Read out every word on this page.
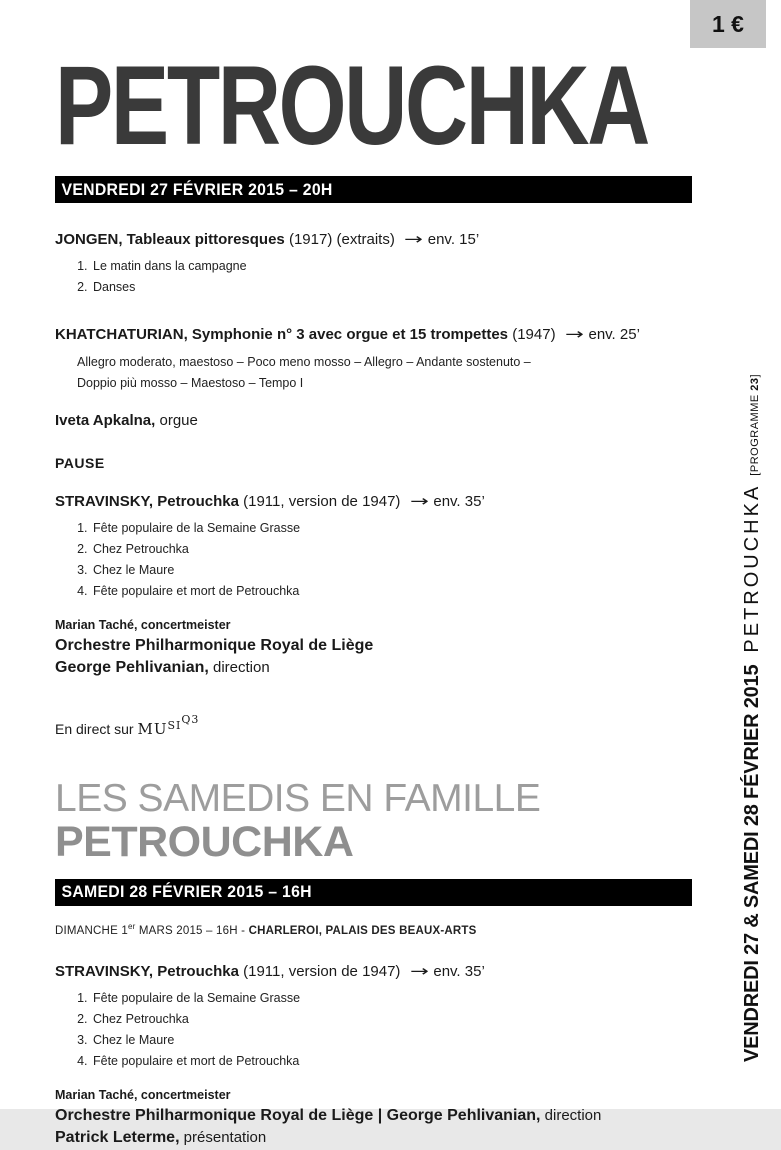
1 €
PETROUCHKA
VENDREDI 27 FÉVRIER 2015 – 20H

JONGEN, Tableaux pittoresques (1917) (extraits) → env. 15’

1. Le matin dans la campagne
2. Danses

KHATCHATURIAN, Symphonie n° 3 avec orgue et 15 trompettes (1947) → env. 25’

Allegro moderato, maestoso – Poco meno mosso – Allegro – Andante sostenuto –

Doppio più mosso – Maestoso – Tempo I

Iveta Apkalna, orgue

PAUSE

STRAVINSKY, Petrouchka (1911, version de 1947) → env. 35’

1. Fête populaire de la Semaine Grasse
2. Chez Petrouchka
3. Chez le Maure
4. Fête populaire et mort de Petrouchka

Marian Taché, concertmeister

Orchestre Philharmonique Royal de Liège

George Pehlivanian, direction

En direct sur $MU^{SIQ3}$

LES SAMEDIS EN FAMILLE
PETROUCHKA
SAMEDI 28 FÉVRIER 2015 – 16H

DIMANCHE 1er MARS 2015 – 16H - CHARLEROI, PALAIS DES BEAUX-ARTS

STRAVINSKY, Petrouchka (1911, version de 1947) → env. 35’

1. Fête populaire de la Semaine Grasse
2. Chez Petrouchka
3. Chez le Maure
4. Fête populaire et mort de Petrouchka

Marian Taché, concertmeister

Orchestre Philharmonique Royal de Liège | George Pehlivanian, direction

Patrick Leterme, présentation

VENDREDI 27 & SAMEDI 28 FÉVRIER 2015PETROUCHKA[PROGRAMME 23]
